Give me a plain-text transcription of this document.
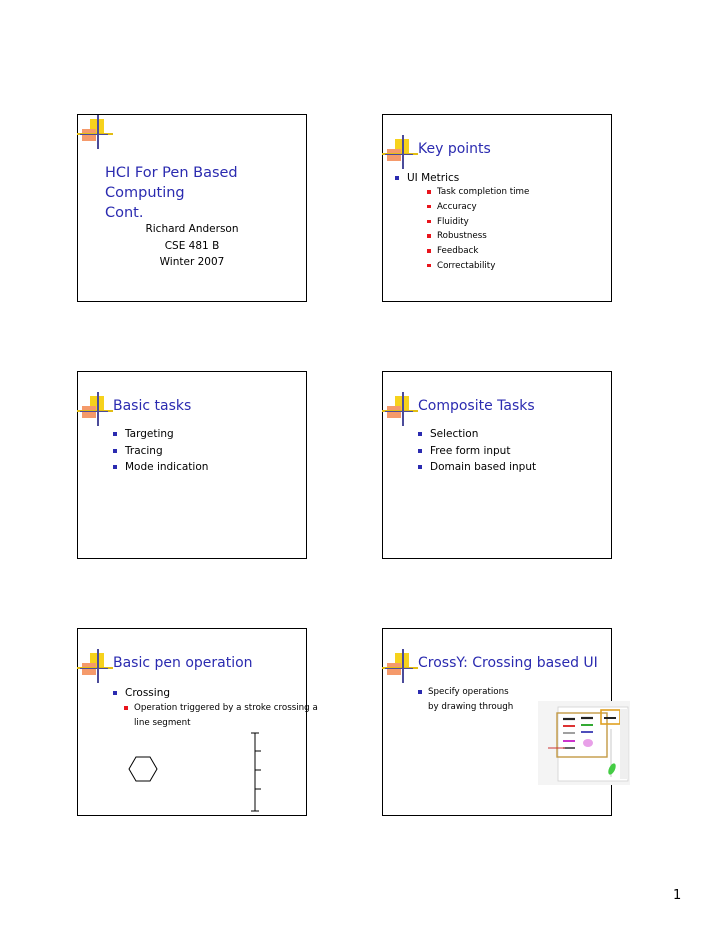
HCI For Pen Based Computing
Cont.
Richard Anderson
CSE 481 B
Winter 2007
Key points
UI Metrics
Task completion time
Accuracy
Fluidity
Robustness
Feedback
Correctability
Basic tasks
Targeting
Tracing
Mode indication
Composite Tasks
Selection
Free form input
Domain based input
Basic pen operation
Crossing
Operation triggered by a stroke crossing a
line segment
CrossY: Crossing based UI
Specify operations
by drawing through
1
